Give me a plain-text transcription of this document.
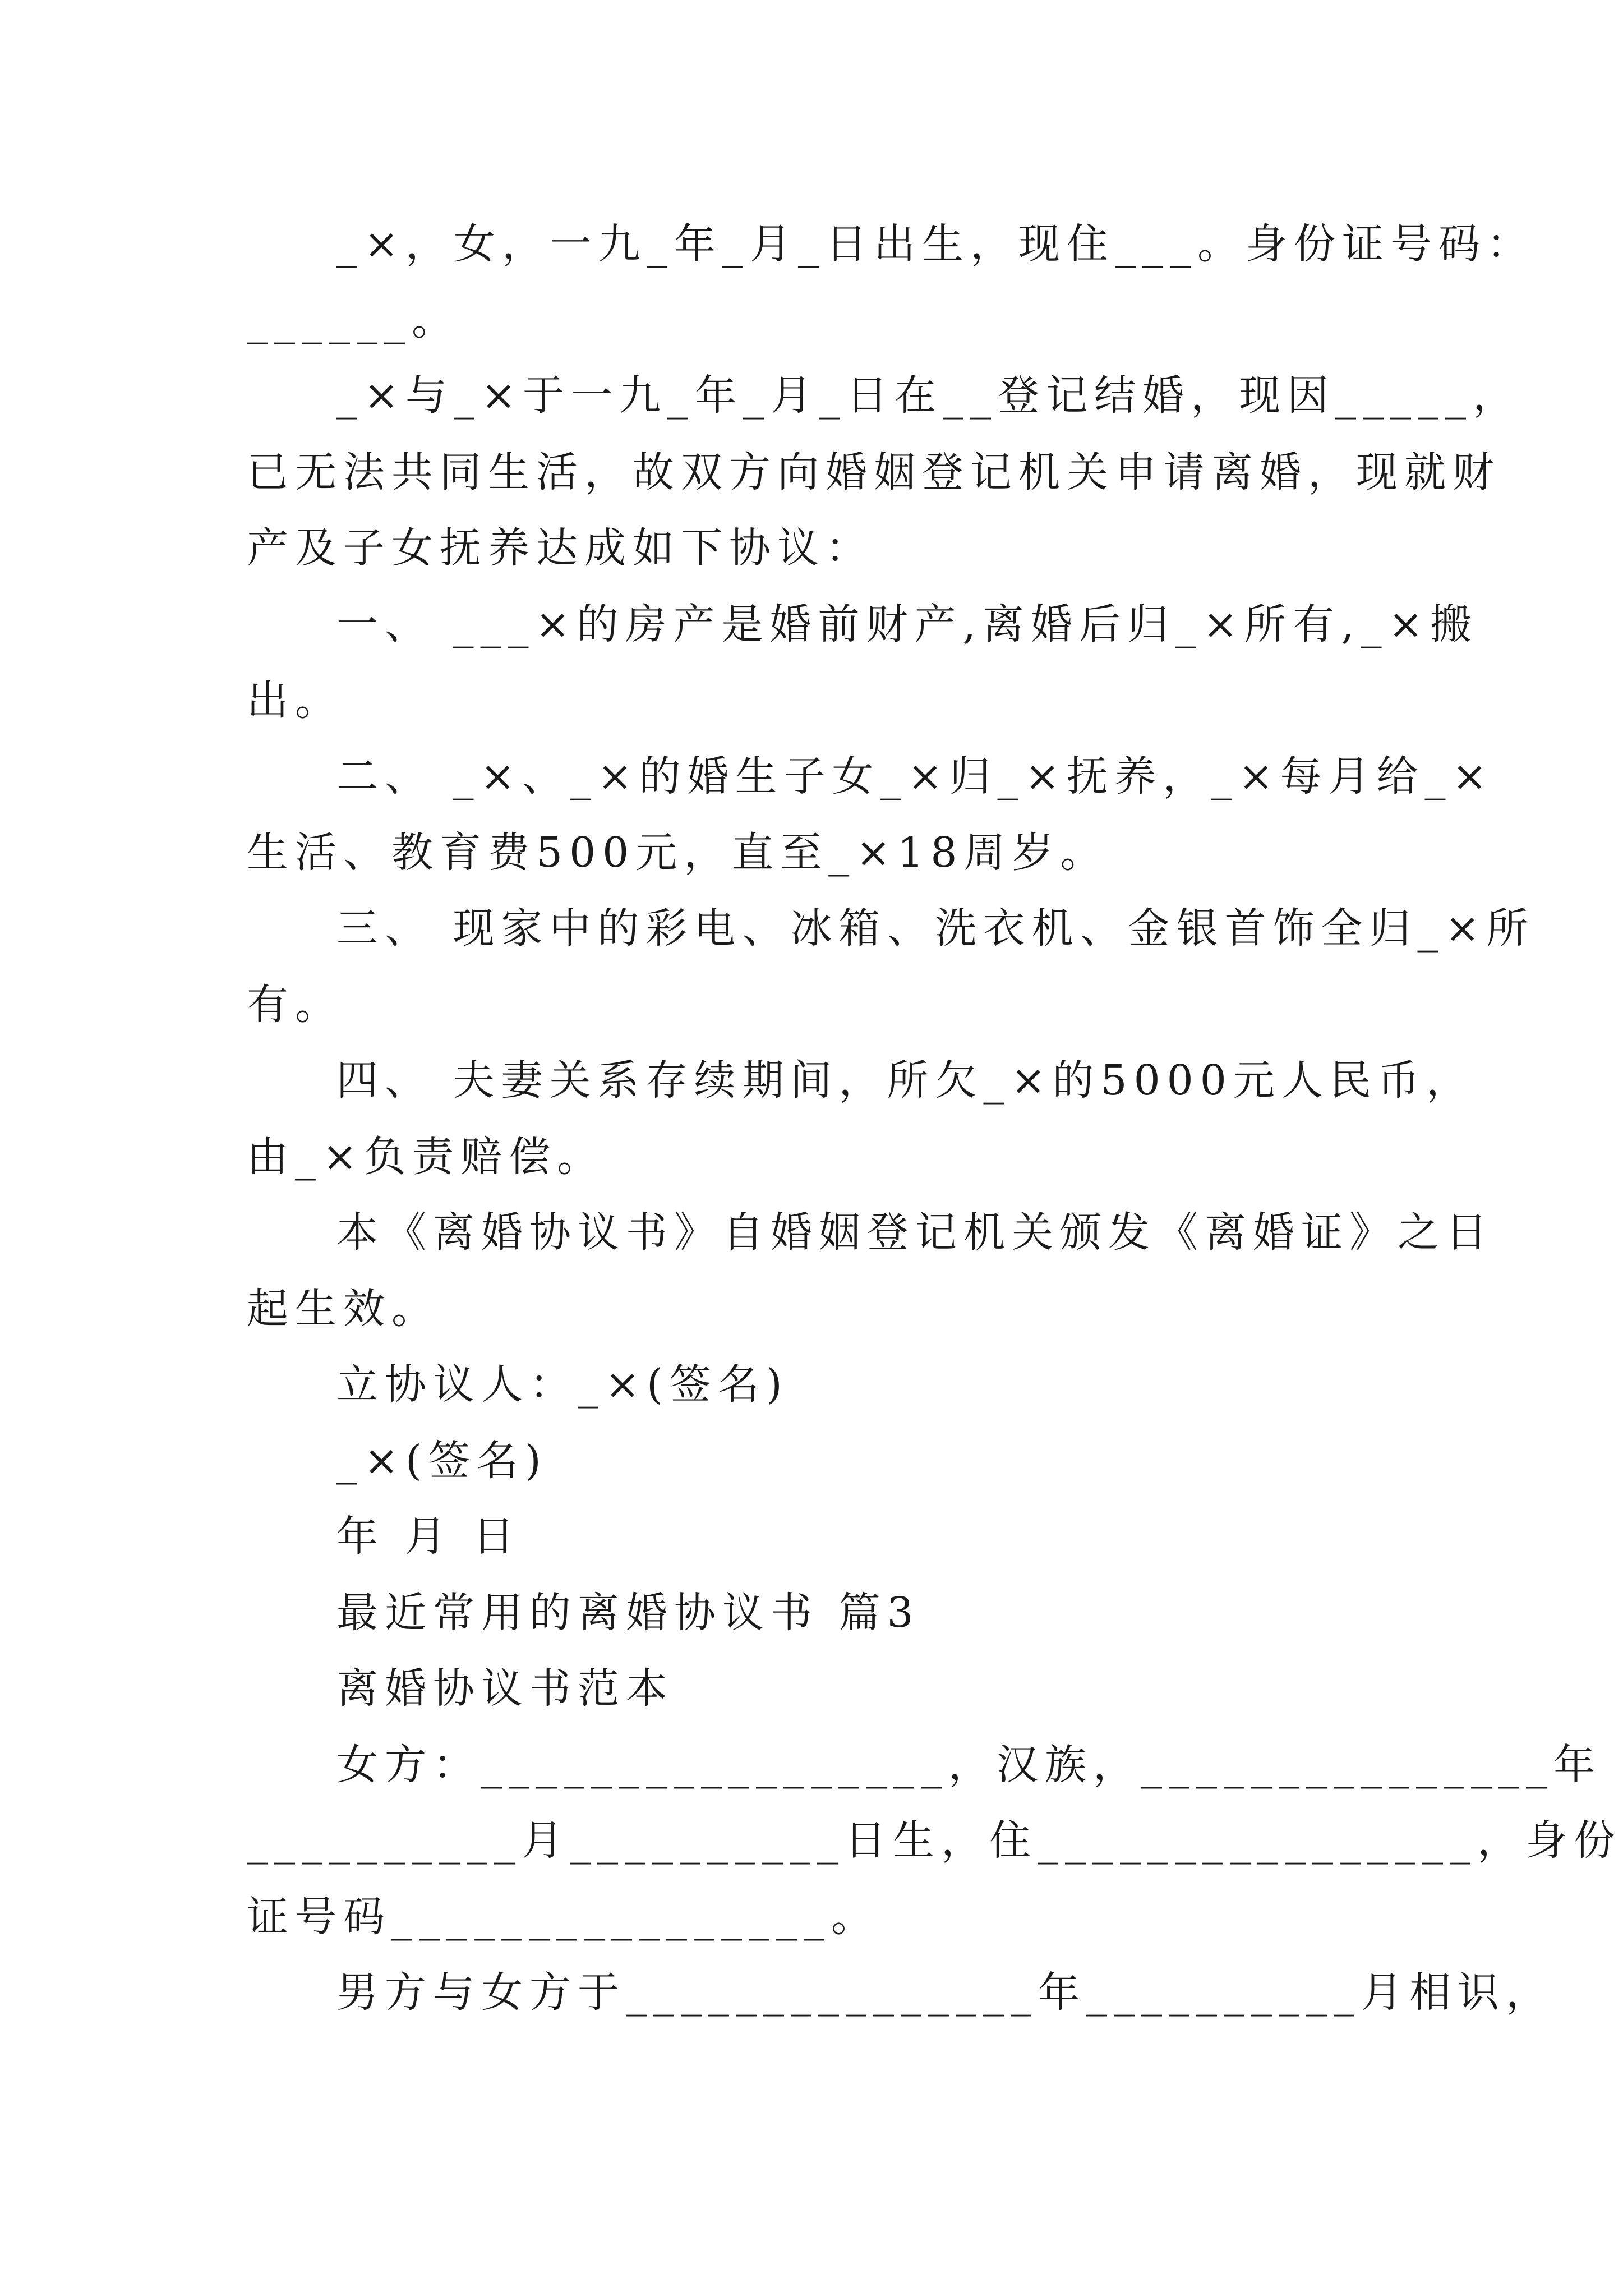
_×，女，一九_年_月_日出生，现住___。身份证号码：
______。
_×与_×于一九_年_月_日在__登记结婚，现因_____，
已无法共同生活，故双方向婚姻登记机关申请离婚，现就财
产及子女抚养达成如下协议：
一、 ___×的房产是婚前财产,离婚后归_×所有,_×搬
出。
二、 _×、_×的婚生子女_×归_×抚养，_×每月给_×
生活、教育费500元，直至_×18周岁。
三、 现家中的彩电、冰箱、洗衣机、金银首饰全归_×所
有。
四、 夫妻关系存续期间，所欠_×的5000元人民币，
由_×负责赔偿。
本《离婚协议书》自婚姻登记机关颁发《离婚证》之日
起生效。
立协议人：_×(签名)
_×(签名)
年 月 日
最近常用的离婚协议书 篇3
离婚协议书范本
女方：_________________，汉族，_______________年
__________月__________日生，住________________，身份
证号码________________。
男方与女方于_______________年__________月相识，
